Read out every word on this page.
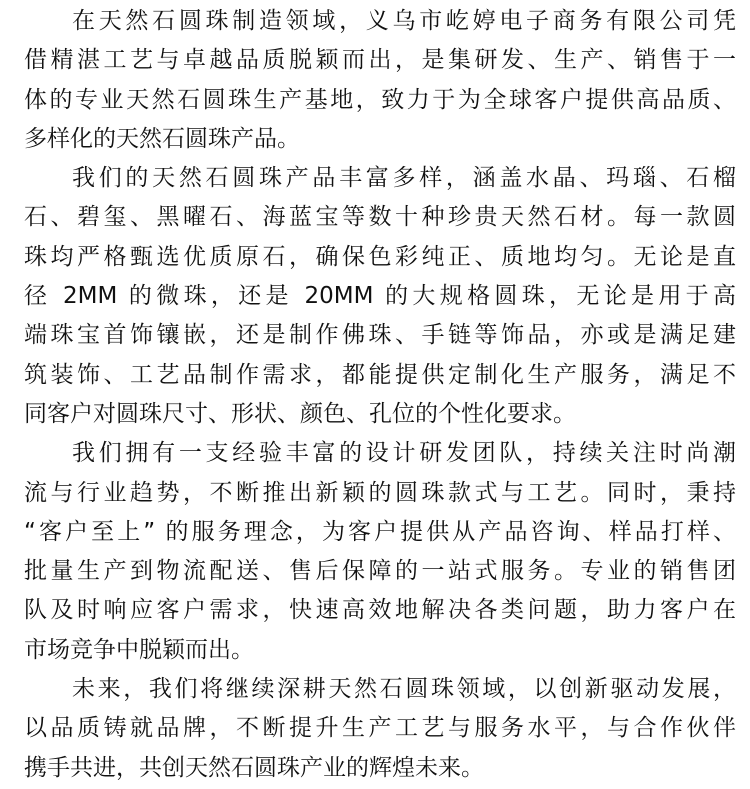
在天然石圆珠制造领域，义乌市屹婷电子商务有限公司凭
借精湛工艺与卓越品质脱颖而出，是集研发、生产、销售于一
体的专业天然石圆珠生产基地，致力于为全球客户提供高品质、
多样化的天然石圆珠产品。

我们的天然石圆珠产品丰富多样，涵盖水晶、玛瑙、石榴
石、碧玺、黑曜石、海蓝宝等数十种珍贵天然石材。每一款圆
珠均严格甄选优质原石，确保色彩纯正、质地均匀。无论是直
径 2MM 的微珠，还是 20MM 的大规格圆珠，无论是用于高
端珠宝首饰镶嵌，还是制作佛珠、手链等饰品，亦或是满足建
筑装饰、工艺品制作需求，都能提供定制化生产服务，满足不
同客户对圆珠尺寸、形状、颜色、孔位的个性化要求。

我们拥有一支经验丰富的设计研发团队，持续关注时尚潮
流与行业趋势，不断推出新颖的圆珠款式与工艺。同时，秉持
“客户至上” 的服务理念，为客户提供从产品咨询、样品打样、
批量生产到物流配送、售后保障的一站式服务。专业的销售团
队及时响应客户需求，快速高效地解决各类问题，助力客户在
市场竞争中脱颖而出。

未来，我们将继续深耕天然石圆珠领域，以创新驱动发展，
以品质铸就品牌，不断提升生产工艺与服务水平，与合作伙伴
携手共进，共创天然石圆珠产业的辉煌未来。
